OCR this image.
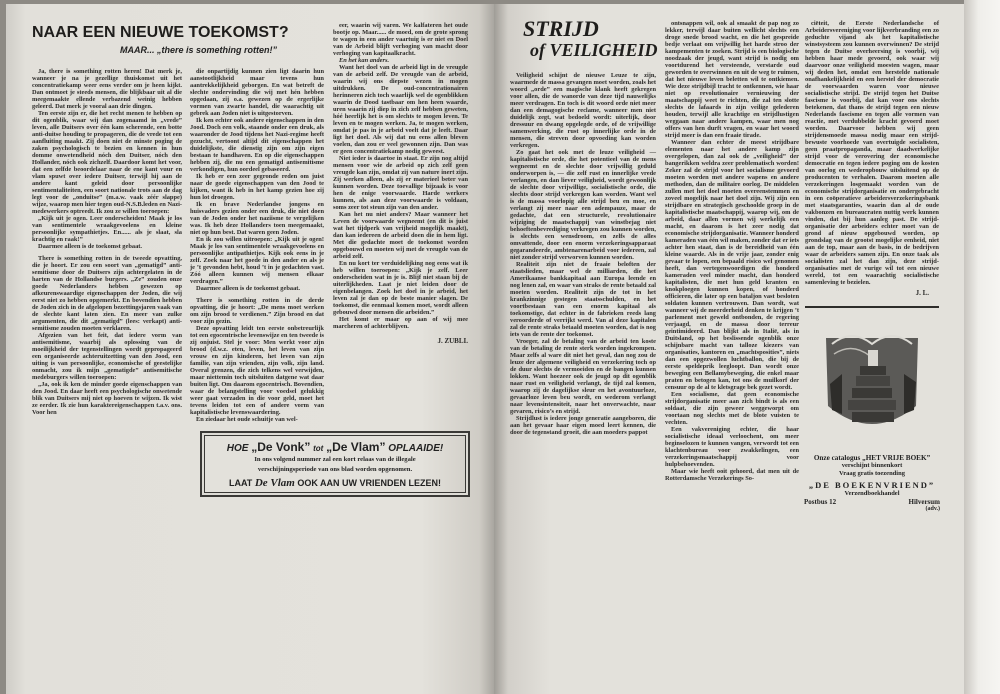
NAAR EEN NIEUWE TOEKOMST?
MAAR... „there is something rotten!”

Ja, there is something rotten heren! Dat merk je, wanneer je na je gezellige thuiskomst uit het concentratiekamp weer eens verder om je heen kijkt. Dan ontmoet je steeds mensen, die blijkbaar uit al die meegemaakte ellende verbazend weinig hebben geleerd. Dat merk je vooral aan drie dingen.

Ten eerste zijn er, die het recht menen te hebben op dit ogenblik, waar wij dan zogenaamd in „vrede” leven, alle Duitsers over één kam scherende, een botte anti-duitse houding te propageren, die de vrede tot een aanfluiting maakt. Zij doen niet de minste poging de zaken psychologisch te bezien en kennen in hun domme onwetendheid nóch den Duitser, nóch den Hollander, nóch ook zichzelf. Daardoor komt het voor, dat een zelfde beoordelaar naar de ene kant vuur en vlam spuwt over iedere Duitser, terwijl hij aan de andere kant geleid door persoonlijke sentimentaliteiten, een soort nationale trots aan de dag legt voor de „onduitse” (m.a.w. vaak zéér slappe) wijze, waarop men hier tegen oud-N.S.B.leden en Nazi-medewerkers optreedt. Ik zou ze willen toeroepen:

„Kijk uit je ogen. Leer onderscheiden! Maak je los van sentimentele wraakgevoelens en kleine persoonlijke sympathietjes. En...... als je slaat, sla krachtig en raak!”

Daarmee alleen is de toekomst gebaat.

There is something rotten in de tweede opvatting, die je hoort. Er zou een soort van „gematigd” anti-semitisme door de Duitsers zijn achtergelaten in de harten van de Hollandse burgers. „Ze” zouden onze goede Nederlanders hebben gewezen op afkeurenswaardige eigenschappen der Joden, die wij eerst niet zo hebben opgemerkt. En bovendien hebben de Joden zich in de afgelopen bezettingsjaren vaak van de slechte kant laten zien. En meer van zulke argumenten, die dit „gematigd” (lees: verkapt) anti-semitisme zouden moeten verklaren.

Afgezien van het feit, dat iedere vorm van antisemitisme, waarbij als oplossing van de moeilijkheid der tegenstellingen wordt gepropageerd een organiseerde achteruitzetting van den Jood, een uiting is van persoonlijke, economische of geestelijke onmacht, zou ik mijn „gematigde” antisemitische medeburgers willen toeroepen:

„Ja, ook ik ken de minder goede eigenschappen van den Jood. En daar heeft een psychologische onwetende blik van Duitsers mij niet op hoeven te wijzen. Ik wist ze eerder. Ik zie hun karaktereigenschappen t.a.v. ons. Voor hen

die onpartijdig kunnen zien ligt daarin hun aanstootlijkheid maar tevens hun aantrekkelijkheid geborgen. En wat betreft de slechte ondervinding die wij met hén hebben opgedaan, zij o.a. gewezen op de ergerlijke vormen van zwarte handel, die waarachtig uit gebrek aan Joden niet is uitgestorven.

Ik ken echter ook andere eigenschappen in den Jood. Doch een volk, staande onder een druk, als waaronder de Jood tijdens het Nazi-regime heeft gezucht, vertoont altijd dít eigenschappen het duidelijkste, die dienstig zijn om zijn eigen bestaan te handhaven. En op die eigenschappen hebben zij, die nu een gematigd antisemitisme verkondigen, hun oordeel gebaseerd.

Ik heb er een zeer gegronde reden om juist naar de goede eigenschappen van den Jood te kijken, want ik heb in het kamp gezien hoe zij hun lot droegen.

Ik en brave Nederlandse jongens en huisvaders gezien onder een druk, die niet doen van de Joden onder het naziisme te vergelijken was. Ik heb deze Hollanders toen meegemaakt, niet op hun best. Dat waren geen Joden.

En ik zou willen uitroepen: „Kijk uit je ogen! Maak je los van sentimentele wraakgevoelens en persoonlijke antipathietjes. Kijk ook eens in je zelf. Zoek naar het goede in den ander en als je je ’t gevonden hebt, houd ’t in je gedachten vast. Zóó alleen kunnen wij mensen elkaar verdragen.”

Daarmee alleen is de toekomst gebaat.

There is something rotten in de derde opvatting, die je hoort: „De mens moet werken om zijn brood te verdienen.” Zijn brood en dat voor zijn gezin.

Deze opvatting leidt ten eerste onbetreurlijk tot een egocentrische levenswijze en ten tweede is zij onjuist. Stel je voor: Men werkt voor zijn brood (d.w.z. eten, leven, het leven van zijn vrouw en zijn kinderen, het leven van zijn familie, van zijn vrienden, zijn volk, zijn land. Overal grenzen, die zich telkens wel verwijden, maar niettemin toch uitsluiten datgene wat daar buiten ligt. Om daarom egocentrisch. Bovendien, waar de belangstelling voor voedsel gelukkig weer gaat verzaden in die voor geld, moet het tevens leiden tot een of andere vorm van kapitalistische levenswaardering.

En ziedaar het oude schuitje van wel-

eer, waarin wij varen. We kalfateren het oude bootje op. Maar...... de moed, om de grote sprong te wagen in een ander vaartuig is er niet en Doel van de Arbeid blijft verhoging van macht door verhoging van kapitaalkracht.

En het kan anders.

Want het doel van de arbeid ligt in de vreugde van de arbeid zelf. De vreugde van de arbeid, waarin wij ons diepste wezen in mogen uitdrukken. De oud-concentrationairen herinneren zich toch waarlijk wel de ogenblikken waarin de Dood tastbaar om hen heen waarde, uren waarin zij diep in zich zelf hebben geweten, hóé heerlijk het is om slechts te mogen leven. Te leven en te mogen werken. Ja, te mogen werken, omdat je pas in je arbeid voelt dat je leeft. Daar ligt het doel. Als wij dat nu eens allen bleven voelen, dan zou er veel gewonnen zijn. Dan was er geen concentratiekamp nodig geweest.

Niet ieder is daartoe in staat. Er zijn nog altijd mensen voor wie de arbeid op zich zelf geen vreugde kan zijn, omdat zij van nature inert zijn. Zij werken alleen, als zij er materieel beter van kunnen worden. Deze toevallige bijzaak is voor hen de enige voorwaarde. Harde werkers kunnen, als aan deze voorwaarde is voldaan, soms zeer tot steun zijn van den ander.

Kan het nu niet anders? Maar wanneer het Leven de voorwaarde wegneemt (en dit is juist wat het tijdperk van vrijheid mogelijk maakt), dan kan iedereen de arbeid doen die in hem ligt. Met die gedachte moet de toekomst worden opgebouwd en moeten wij met de vreugde van de arbeid zelf.

En nu kort ter verduidelijking nog eens wat ik heb willen toeroepen: „Kijk je zelf. Leer onderscheiden wat in je is. Blijf niet staan bij de uiterlijkheden. Laat je niet leiden door de eigenbelangen. Zoek het doel in je arbeid, het leven zal je dan op de beste manier slagen. De toekomst, die eenmaal komen moet, wordt alleen gebouwd door mensen die arbeiden.”

Het komt er maar op aan of wij mee marcheren of achterblijven.

J. ZUBLI.
HOE „De Vonk” tot „De Vlam” OPLAAIDE!
In ons volgend nummer zal een kort relaas van de illegale
verschijningsperiode van ons blad worden opgenomen.
LAAT De Vlam OOK AAN UW VRIENDEN LEZEN!
STRIJD
of VEILIGHEID

Veiligheid schijnt de nieuwe Leuze te zijn, waarmede de massa gevangen moet worden, zoals het woord „orde” een magische klank heeft gekregen voor allen, die de wanorde van deze tijd nauwelijks meer verdragen. En toch is dit woord orde niet meer dan een demagogische reclame, wanneer men niet duidelijk zegt, wat bedoeld wordt: uiterlijk, door dressuur en dwang opgelegde orde, of de vrijwillige samenwerking, die rust op innerlijke orde in de mensen, die streven door opvoeding kan worden verkregen.

Zo gaat het ook met de leuze veiligheid — kapitalistische orde, die het potentieel van de mens wegneemt en de slechte door vrijwillig geduld onderworpen is, — die zelf rust en innerlijke vrede verlangen, en dan liever veiligheid, wordt gewoonlijk de slechte door vrijwillige, socialistische orde, die slechts door strijd verkregen kan worden. Want wel is de massa voorlopig alle strijd beu en moe, en verlangt zij meer naar een adempauze, maar de gedachte, dat een structurele, revolutionaire wijziging de maatschappij van winstbejag niet behoeftenbevrediging verkregen zou kunnen worden, is slechts een wensdroom, en zelfs de alles omvattende, door een enorm verzekeringsapparaat gegarandeerde, ambtenarenarbeid voor iedereen, zal niet zonder strijd verworven kunnen worden.

Realiteit zijn niet de fraaie beloften der staatslieden, maar wel de milliarden, die het Amerikaanse bankkapitaal aan Europa leende en nog lenen zal, en waar van straks de rente betaald zal moeten worden. Realiteit zijn de tot in het krankzinnige gestegen staatsschulden, en het voortbestaan van een enorm kapitaal als toekomstige, dat echter in de fabrieken reeds lang veroorderde of verrijkt werd. Van al deze kapitalen zal de rente straks betaald moeten worden, dat is nog iets van de rente der toekomst.

Vroeger, zal de betaling van de arbeid ten koste van de betaling de rente sterk worden ingekrompen. Maar zelfs al ware dit niet het geval, dan nog zou de leuze der algemene veiligheid en verzekering toch op de duur slechts de vermoeiden en de bangen kunnen lokken. Want hoezeer ook de jeugd op dit ogenblik naar rust en veiligheid verlangt, de tijd zal komen, waarop zij de dagelijkse sleur en het avontuurloze, gevaarloze leven beu wordt, en wederom verlangt naar levensintensiteit, naar het onverwachte, naar gevaren, risico’s en strijd.

Strijdlust is iedere jonge generatie aangeboren, die aan het gevaar haar eigen moed leert kennen, die door de tegenstand groeit, die aan moeders pappot

ontsnappen wil, ook al smaakt de pap nog zo lekker, terwijl daar buiten wellicht slechts een droge snede brood wacht, en die het gespreide bedje verlaat om vrijwillig het harde stroo der kampementen te zoeken. Strijd is een biologische noodzaak der jeugd, want strijd is nodig om voortdurend het versteende, verstarde oud geworden te overwinnen en uit de weg te ruimen, dat het nieuwe leven beletten wil te ontkiemen. Wie deze strijdbijl tracht te ontkennen, wie haar niet op revolutionaire vernieuwing der maatschappij weet te richten, die zal ten slotte slechts de lafaards in zijn veilige gelederen houden, terwijl alle krachtige en strijdlustigen weggaan naar andere kampen, waar men nog offers van hen durft vragen, en waar het woord strijd meer is dan een fraaie tirade.

Wanneer dan echter de meest strijdbare elementen naar het andere kamp zijn overgelopen, dan zal ook de „veiligheid” der bangerikken weldra zeer problematisch worden! Zeker zal de strijd voor het socialisme gevoerd moeten worden met andere wapens en andere methoden, dan de militaire oorlog. De middelen zullen met het doel moeten overeenstemmen en zoveel mogelijk naar het doel zijn. Wij zijn een strijdbare en strategisch geschoolde groep in de kapitalistische maatschappij, waarop wij, om de arbeid, daar allen vormen wij werkelijk een macht, en daarom is het zeer nodig dat economische strijdorganisatie. Wanneer honderd kameraden van één wil maken, zonder dat er iets achter hen staat, dan is de bereidheid van één kleine waarde. Als in de vrije jaar, zonder enig gevaar te lopen, een bepaald risico wel genomen heeft, dan vertegenwoordigen die honderd kameraden veel minder macht, dan honderd kapitalisten, die met hun geld kranten en knokploegen kunnen kopen, of honderd officieren, die later op een bataljon vast besloten soldaten kunnen vertrouwen. Dan wordt, wat wanneer wij de meerderheid denken te krijgen ’t parlement met geweld ontbonden, de regering verjaagd, en de massa door terreur geintimideerd. Dan blijkt als in Italië, als in Duitsland, op het beslissende ogenblik onze schijnbare macht van talloze kiezers van organisaties, kantoren en „machtsposities”, niets dan een opgezwollen luchtballon, die bij de eerste speldeprik leegloopt. Dan wordt onze beweging een Bellamybeweging, die enkel maar praten en betogen kan, tot ons de muilkorf der censuur op de al te kletsgrage bek gezet wordt.

Een socialisme, dat geen economische strijdorganisatie meer aan zich bindt is als een soldaat, die zijn geweer weggeworpt om voortaan nog slechts met de blote vuisten te vechten.

Een vakvereniging echter, die haar socialistische ideaal verloochent, om meer beginselozen te kunnen vangen, verwordt tot een klachtenbureau voor zwakkelingen, een verzekeringsmaatschappij voor hulpbehoevenden.

Maar wie heeft ooit gehoord, dat men uit de Rotterdamsche Verzekerings So-

ciëteit, de Eerste Nederlandsche of Arbeidersvereniging voor lijkverbranding een zo geduchte vijand als het kapitalistische winstsysteem zou kunnen overwinnen? De strijd tegen de Duitse overheersing is voorbij, wij hebben haar mede gevoerd, ook waar wij daarvoor onze veiligheid moesten wagen, maar wij deden het, omdat een herstelde nationale onafhankelijkheid en een herstel der democratie de voorwaarden waren voor nieuwe socialistische strijd. De strijd tegen het Duitse fascisme is voorbij, dat kan voor ons slechts betekenen, dat thans de strijd tegen een nieuw Nederlands fascisme en tegen alle vormen van reactie, met verdubbelde kracht gevoerd moet worden. Daarvoor hebben wij geen strijdensmoede massa nodig maar een strijd-bewuste voorhoede van overtuigde socialisten, geen praatpropaganda, maar daadwerkelijke strijd voor de verovering der economische democratie en tegen iedere poging om de kosten van oorlog en wederopbouw uitsluitend op de producenten te verhalen. Daarom moeten alle verzekeringen losgemaakt worden van de economische strijdorganisatie en ondergebracht in een coöperatieve arbeidersverzekeringsbank met staatsgaranties, waarin dan al de oude vakbonzen en bureaucraten nuttig werk kunnen vinden, dat bij hun aanleg past. De strijd-organisatie der arbeiders echter moet van de grond af nieuw opgebouwd worden, op grondslag van de grootst mogelijke eenheid, niet aan de top, maar aan de basis, in de bedrijven waar de arbeiders samen zijn. En onze taak als socialisten zal het dan zijn, deze strijd-organisaties met de vurige wil tot een nieuwe wereld, tot een waarachtig socialistische samenleving te bezielen.

J. L.
Onze catalogus „HET VRIJE BOEK”
verschijnt binnenkort
Vraag gratis toezending
„DE BOEKENVRIEND”
Verzendboekhandel
Postbus 12	Hilversum
(adv.)
